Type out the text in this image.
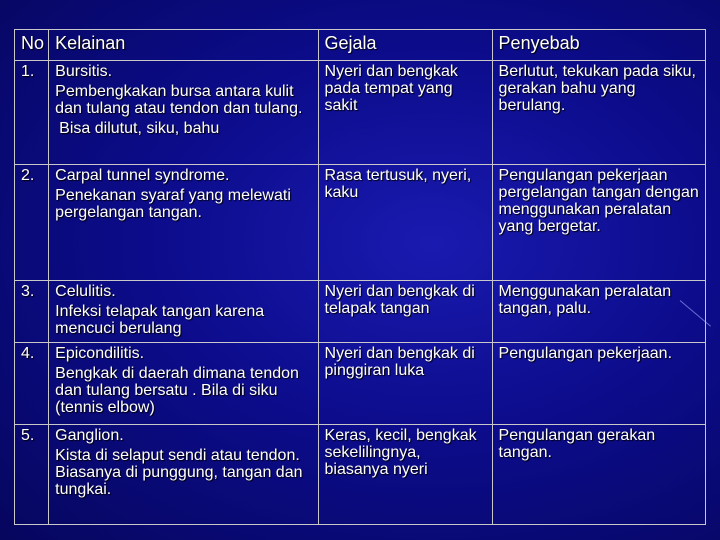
No	Kelainan	Gejala	Penyebab
1.	Bursitis.
Pembengkakan bursa antara kulit dan tulang atau tendon dan tulang.
Bisa dilutut, siku, bahu	Nyeri dan bengkak pada tempat yang sakit	Berlutut, tekukan pada siku, gerakan bahu yang berulang.
2.	Carpal tunnel syndrome.
Penekanan syaraf yang melewati pergelangan tangan.	Rasa tertusuk, nyeri, kaku	Pengulangan pekerjaan pergelangan tangan dengan menggunakan peralatan yang bergetar.
3.	Celulitis.
Infeksi telapak tangan karena mencuci berulang	Nyeri dan bengkak di telapak tangan	Menggunakan peralatan tangan, palu.
4.	Epicondilitis.
Bengkak di daerah dimana tendon dan tulang bersatu . Bila di siku (tennis elbow)	Nyeri dan bengkak di pinggiran luka	Pengulangan pekerjaan.
5.	Ganglion.
Kista di selaput sendi atau tendon.
Biasanya di punggung, tangan dan tungkai.	Keras, kecil, bengkak sekelilingnya, biasanya nyeri	Pengulangan gerakan tangan.
